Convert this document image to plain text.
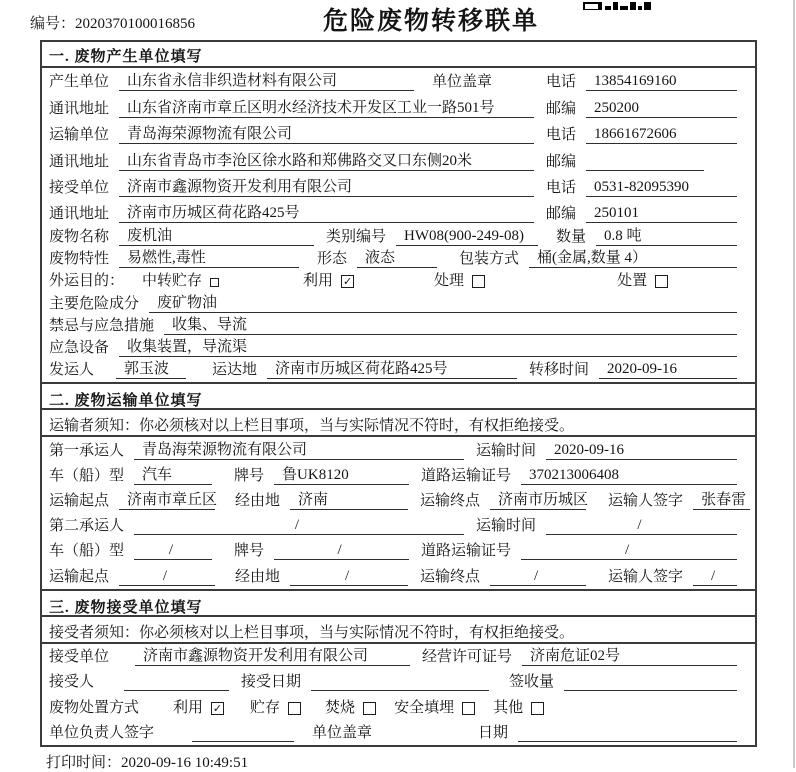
编号：2020370100016856	危险废物转移联单
一. 废物产生单位填写
产生单位	山东省永信非织造材料有限公司	单位盖章	电话	13854169160
通讯地址	山东省济南市章丘区明水经济技术开发区工业一路501号	邮编	250200
运输单位	青岛海荣源物流有限公司	电话	18661672606
通讯地址	山东省青岛市李沧区徐水路和郑佛路交叉口东侧20米	邮编
接受单位	济南市鑫源物资开发利用有限公司	电话	0531-82095390
通讯地址	济南市历城区荷花路425号	邮编	250101
废物名称	废机油	类别编号	HW08(900-249-08)	数量	0.8 吨
废物特性	易燃性,毒性	形态	液态	包装方式	桶(金属,数量 4）
外运目的： 中转贮存	利用 ✓	处理	处置
主要危险成分	废矿物油
禁忌与应急措施	收集、导流
应急设备	收集装置，导流渠
发运人	郭玉波	运达地	济南市历城区荷花路425号	转移时间	2020-09-16
二. 废物运输单位填写
运输者须知：你必须核对以上栏目事项，当与实际情况不符时，有权拒绝接受。
第一承运人	青岛海荣源物流有限公司	运输时间	2020-09-16
车（船）型	汽车	牌号	鲁UK8120	道路运输证号	370213006408
运输起点	济南市章丘区 经由地	济南	运输终点	济南市历城区 运输人签字	张春雷
第二承运人	/	运输时间	/
车（船）型	/	牌号	/	道路运输证号	/
运输起点	/	经由地	/	运输终点	/	运输人签字	/
三. 废物接受单位填写
接受者须知：你必须核对以上栏目事项，当与实际情况不符时，有权拒绝接受。
接受单位	济南市鑫源物资开发利用有限公司	经营许可证号	济南危证02号
接受人	接受日期	签收量
废物处置方式 利用 ✓ 贮存	焚烧	安全填埋	其他
单位负责人签字	单位盖章	日期
打印时间：2020-09-16 10:49:51
